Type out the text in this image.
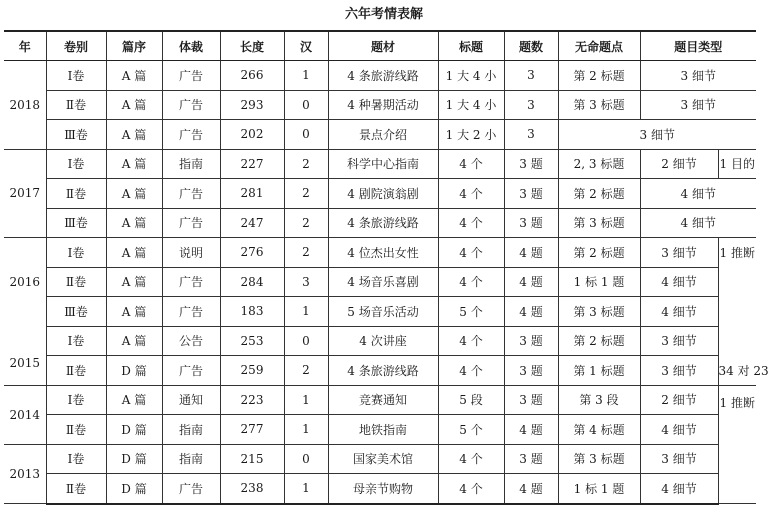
六年考情表解
年	卷别	篇序	体裁	长度	汉	题材	标题	题数	无命题点	题目类型	
2018	Ⅰ卷	A 篇	广告	266	1	4 条旅游线路	1 大 4 小	3	第 2 标题	3 细节	
	Ⅱ卷	A 篇	广告	293	0	4 种暑期活动	1 大 4 小	3	第 3 标题	3 细节	
	Ⅲ卷	A 篇	广告	202	0	景点介绍	1 大 2 小	3	3 细节		
2017	Ⅰ卷	A 篇	指南	227	2	科学中心指南	4 个	3 题	2, 3 标题	2 细节	1 目的
	Ⅱ卷	A 篇	广告	281	2	4 剧院演翁剧	4 个	3 题	第 2 标题	4 细节	
	Ⅲ卷	A 篇	广告	247	2	4 条旅游线路	4 个	3 题	第 3 标题	4 细节	
	Ⅰ卷	A 篇	说明	276	2	4 位杰出女性	4 个	4 题	第 2 标题	3 细节	1 推断
2016	Ⅱ卷	A 篇	广告	284	3	4 场音乐喜剧	4 个	4 题	1 标 1 题	4 细节	
	Ⅲ卷	A 篇	广告	183	1	5 场音乐活动	5 个	4 题	第 3 标题	4 细节	
	Ⅰ卷	A 篇	公告	253	0	4 次讲座	4 个	3 题	第 2 标题	3 细节	
2015	Ⅱ卷	D 篇	广告	259	2	4 条旅游线路	4 个	3 题	第 1 标题	3 细节	34 对 23
2014	Ⅰ卷	A 篇	通知	223	1	竞赛通知	5 段	3 题	第 3 段	2 细节	1 推断
	Ⅱ卷	D 篇	指南	277	1	地铁指南	5 个	4 题	第 4 标题	4 细节	
2013	Ⅰ卷	D 篇	指南	215	0	国家美术馆	4 个	3 题	第 3 标题	3 细节	
	Ⅱ卷	D 篇	广告	238	1	母亲节购物	4 个	4 题	1 标 1 题	4 细节	
